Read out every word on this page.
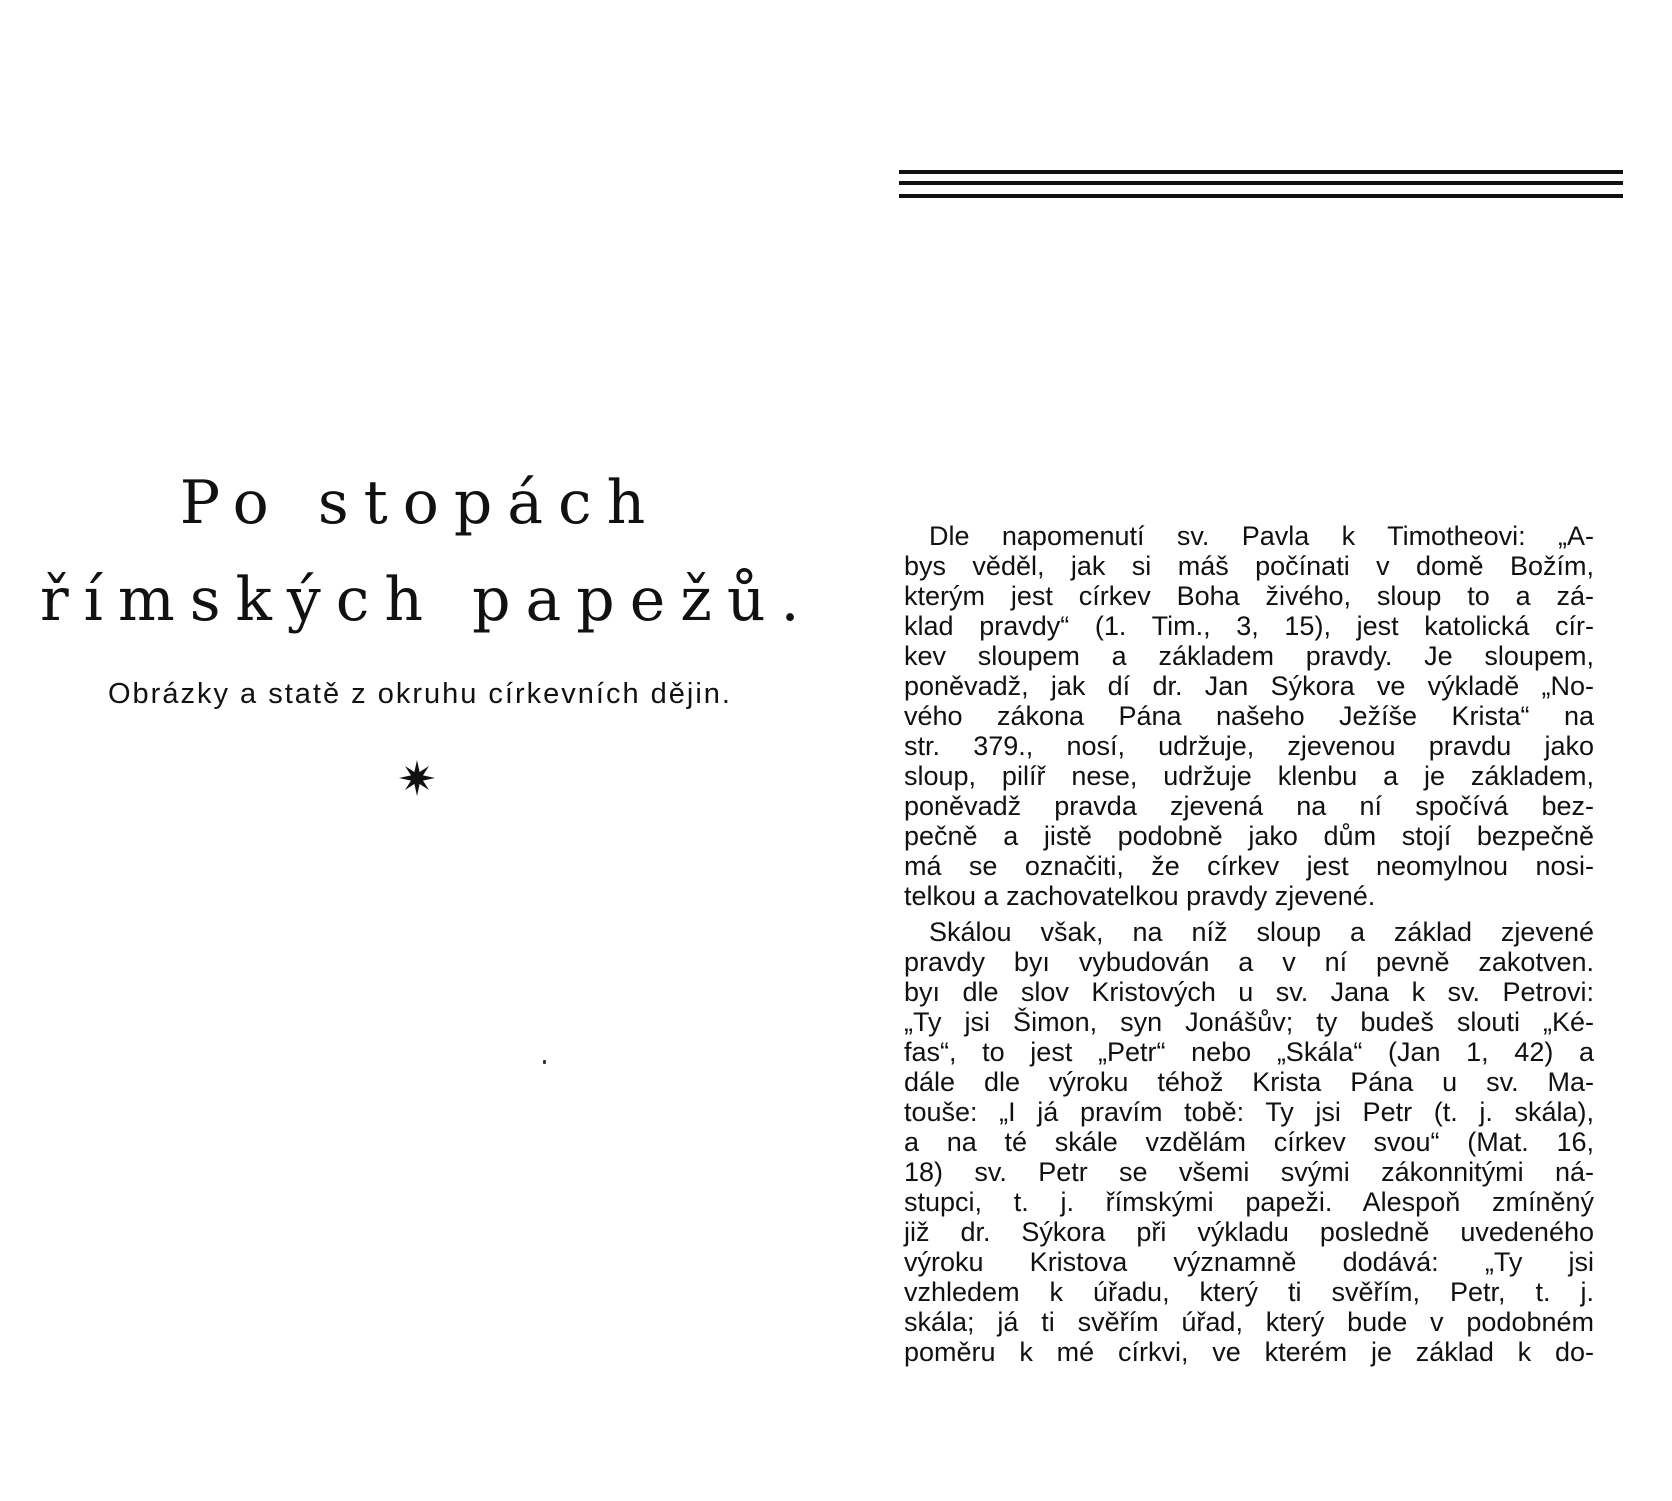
Po stopách
římských papežů.
Obrázky a statě z okruhu církevních dějin.
Dle napomenutí sv. Pavla k Timotheovi: „A-
bys věděl, jak si máš počínati v domě Božím,
kterým jest církev Boha živého, sloup to a zá-
klad pravdy“ (1. Tim., 3, 15), jest katolická cír-
kev sloupem a základem pravdy. Je sloupem,
poněvadž, jak dí dr. Jan Sýkora ve výkladě „No-
vého zákona Pána našeho Ježíše Krista“ na
str. 379., nosí, udržuje, zjevenou pravdu jako
sloup, pilíř nese, udržuje klenbu a je základem,
poněvadž pravda zjevená na ní spočívá bez-
pečně a jistě podobně jako dům stojí bezpečně
má se označiti, že církev jest neomylnou nosi-
telkou a zachovatelkou pravdy zjevené.
Skálou však, na níž sloup a základ zjevené
pravdy byı vybudován a v ní pevně zakotven.
byı dle slov Kristových u sv. Jana k sv. Petrovi:
„Ty jsi Šimon, syn Jonášův; ty budeš slouti „Ké-
fas“, to jest „Petr“ nebo „Skála“ (Jan 1, 42) a
dále dle výroku téhož Krista Pána u sv. Ma-
touše: „I já pravím tobě: Ty jsi Petr (t. j. skála),
a na té skále vzdělám církev svou“ (Mat. 16,
18) sv. Petr se všemi svými zákonnitými ná-
stupci, t. j. římskými papeži. Alespoň zmíněný
již dr. Sýkora při výkladu posledně uvedeného
výroku Kristova významně dodává: „Ty jsi
vzhledem k úřadu, který ti svěřím, Petr, t. j.
skála; já ti svěřím úřad, který bude v podobném
poměru k mé církvi, ve kterém je základ k do-
